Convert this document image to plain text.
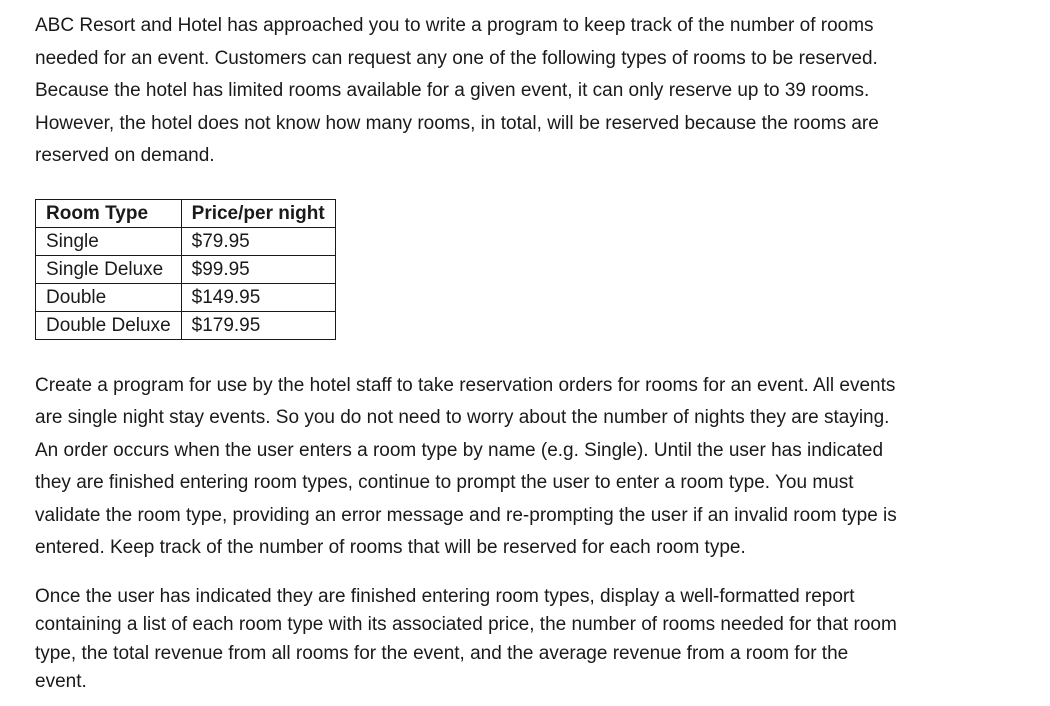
ABC Resort and Hotel has approached you to write a program to keep track of the number of rooms
needed for an event. Customers can request any one of the following types of rooms to be reserved.
Because the hotel has limited rooms available for a given event, it can only reserve up to 39 rooms.
However, the hotel does not know how many rooms, in total, will be reserved because the rooms are
reserved on demand.

Room Type	Price/per night
Single	$79.95
Single Deluxe	$99.95
Double	$149.95
Double Deluxe	$179.95

Create a program for use by the hotel staff to take reservation orders for rooms for an event. All events
are single night stay events. So you do not need to worry about the number of nights they are staying.
An order occurs when the user enters a room type by name (e.g. Single). Until the user has indicated
they are finished entering room types, continue to prompt the user to enter a room type. You must
validate the room type, providing an error message and re-prompting the user if an invalid room type is
entered. Keep track of the number of rooms that will be reserved for each room type.

Once the user has indicated they are finished entering room types, display a well-formatted report
containing a list of each room type with its associated price, the number of rooms needed for that room
type, the total revenue from all rooms for the event, and the average revenue from a room for the
event.
